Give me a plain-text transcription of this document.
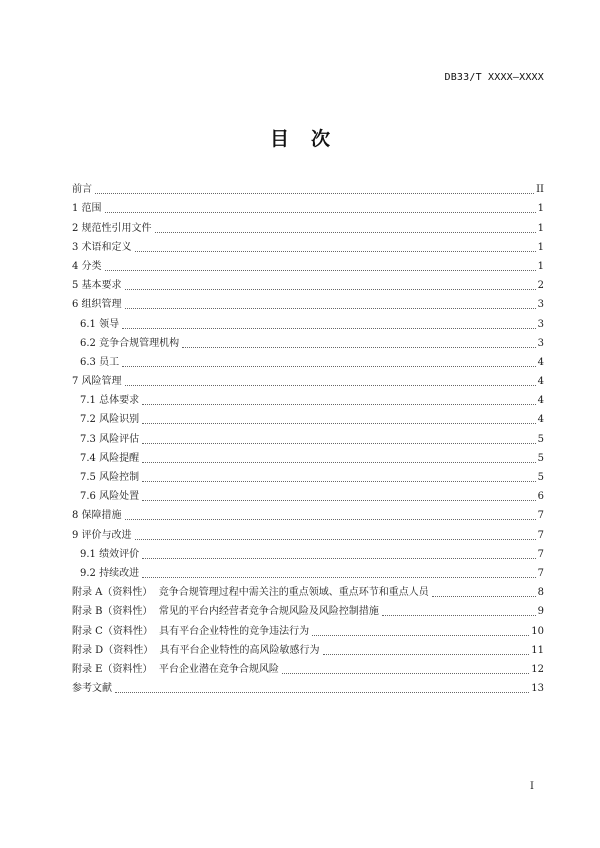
DB33/T XXXX—XXXX
目次
前言	II
1 范围	1
2 规范性引用文件	1
3 术语和定义	1
4 分类	1
5 基本要求	2
6 组织管理	3
6.1 领导	3
6.2 竞争合规管理机构	3
6.3 员工	4
7 风险管理	4
7.1 总体要求	4
7.2 风险识别	4
7.3 风险评估	5
7.4 风险提醒	5
7.5 风险控制	5
7.6 风险处置	6
8 保障措施	7
9 评价与改进	7
9.1 绩效评价	7
9.2 持续改进	7
附录 A（资料性）  竞争合规管理过程中需关注的重点领域、重点环节和重点人员	8
附录 B（资料性）  常见的平台内经营者竞争合规风险及风险控制措施	9
附录 C（资料性）  具有平台企业特性的竞争违法行为	10
附录 D（资料性）  具有平台企业特性的高风险敏感行为	11
附录 E（资料性）  平台企业潜在竞争合规风险	12
参考文献	13
I
